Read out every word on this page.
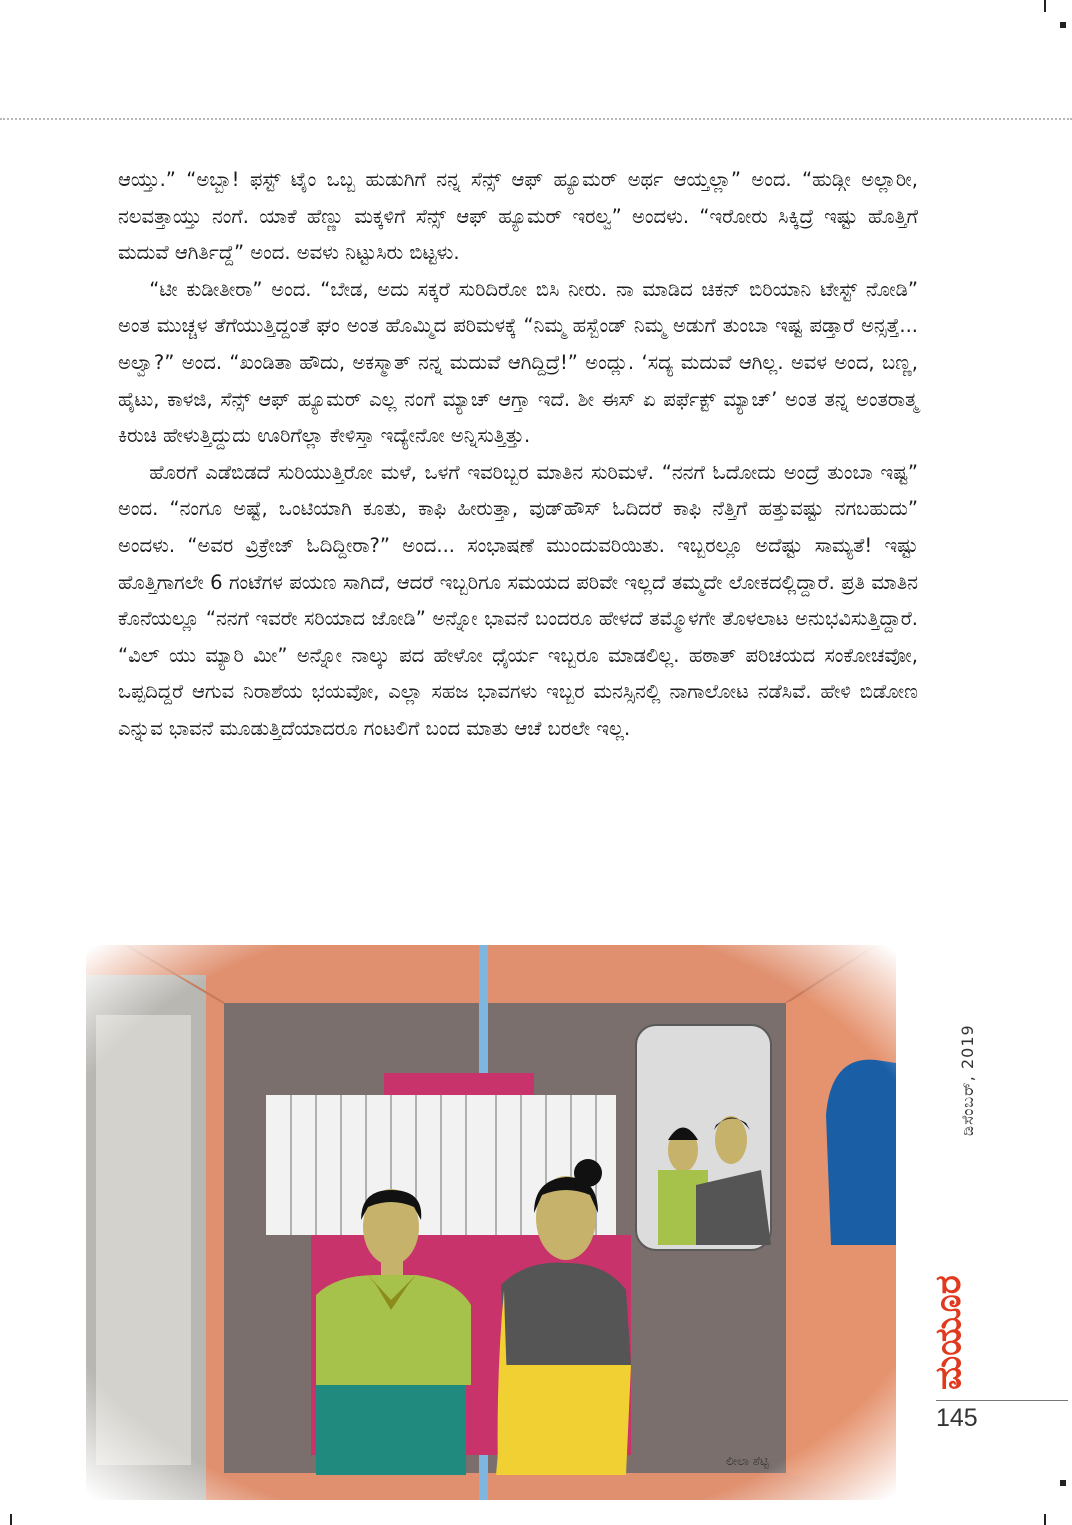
ಆಯ್ತು.” “ಅಬ್ಬಾ! ಫಸ್ಟ್ ಟೈಂ ಒಬ್ಬ ಹುಡುಗಿಗೆ ನನ್ನ ಸೆನ್ಸ್ ಆಫ್ ಹ್ಯೂಮರ್ ಅರ್ಥ ಆಯ್ತಲ್ಲಾ” ಅಂದ. “ಹುಡ್ಗೀ ಅಲ್ಲಾರೀ, ನಲವತ್ತಾಯ್ತು ನಂಗೆ. ಯಾಕೆ ಹೆಣ್ಣು ಮಕ್ಕಳಿಗೆ ಸೆನ್ಸ್ ಆಫ್ ಹ್ಯೂಮರ್ ಇರಲ್ವ” ಅಂದಳು. “ಇರೋರು ಸಿಕ್ಕಿದ್ರೆ ಇಷ್ಟು ಹೊತ್ತಿಗೆ ಮದುವೆ ಆಗಿರ್ತಿದ್ದೆ” ಅಂದ. ಅವಳು ನಿಟ್ಟುಸಿರು ಬಿಟ್ಟಳು.

“ಟೀ ಕುಡೀತೀರಾ” ಅಂದ. “ಬೇಡ, ಅದು ಸಕ್ಕರೆ ಸುರಿದಿರೋ ಬಿಸಿ ನೀರು. ನಾ ಮಾಡಿದ ಚಿಕನ್ ಬಿರಿಯಾನಿ ಟೇಸ್ಟ್ ನೋಡಿ” ಅಂತ ಮುಚ್ಚಳ ತೆಗೆಯುತ್ತಿದ್ದಂತೆ ಘಂ ಅಂತ ಹೊಮ್ಮಿದ ಪರಿಮಳಕ್ಕೆ “ನಿಮ್ಮ ಹಸ್ಬೆಂಡ್ ನಿಮ್ಮ ಅಡುಗೆ ತುಂಬಾ ಇಷ್ಟ ಪಡ್ತಾರೆ ಅನ್ಸತ್ತೆ... ಅಲ್ವಾ?” ಅಂದ. “ಖಂಡಿತಾ ಹೌದು, ಅಕಸ್ಮಾತ್ ನನ್ನ ಮದುವೆ ಆಗಿದ್ದಿದ್ರೆ!” ಅಂದ್ಲು. ‘ಸದ್ಯ ಮದುವೆ ಆಗಿಲ್ಲ. ಅವಳ ಅಂದ, ಬಣ್ಣ, ಹೈಟು, ಕಾಳಜಿ, ಸೆನ್ಸ್ ಆಫ್ ಹ್ಯೂಮರ್ ಎಲ್ಲ ನಂಗೆ ಮ್ಯಾಚ್ ಆಗ್ತಾ ಇದೆ. ಶೀ ಈಸ್ ಏ ಪರ್ಫೆಕ್ಟ್ ಮ್ಯಾಚ್’ ಅಂತ ತನ್ನ ಅಂತರಾತ್ಮ ಕಿರುಚಿ ಹೇಳುತ್ತಿದ್ದುದು ಊರಿಗೆಲ್ಲಾ ಕೇಳಿಸ್ತಾ ಇದ್ಯೇನೋ ಅನ್ನಿಸುತ್ತಿತ್ತು.

ಹೊರಗೆ ಎಡೆಬಿಡದೆ ಸುರಿಯುತ್ತಿರೋ ಮಳೆ, ಒಳಗೆ ಇವರಿಬ್ಬರ ಮಾತಿನ ಸುರಿಮಳೆ. “ನನಗೆ ಓದೋದು ಅಂದ್ರೆ ತುಂಬಾ ಇಷ್ಟ” ಅಂದ. “ನಂಗೂ ಅಷ್ಟೆ, ಒಂಟಿಯಾಗಿ ಕೂತು, ಕಾಫಿ ಹೀರುತ್ತಾ, ವುಡ್‌ಹೌಸ್ ಓದಿದರೆ ಕಾಫಿ ನೆತ್ತಿಗೆ ಹತ್ತುವಷ್ಟು ನಗಬಹುದು” ಅಂದಳು. “ಅವರ ವ್ರಿಕ್ರೇಜ್ ಓದಿದ್ದೀರಾ?” ಅಂದ... ಸಂಭಾಷಣೆ ಮುಂದುವರಿಯಿತು. ಇಬ್ಬರಲ್ಲೂ ಅದೆಷ್ಟು ಸಾಮ್ಯತೆ! ಇಷ್ಟು ಹೊತ್ತಿಗಾಗಲೇ 6 ಗಂಟೆಗಳ ಪಯಣ ಸಾಗಿದೆ, ಆದರೆ ಇಬ್ಬರಿಗೂ ಸಮಯದ ಪರಿವೇ ಇಲ್ಲದೆ ತಮ್ಮದೇ ಲೋಕದಲ್ಲಿದ್ದಾರೆ. ಪ್ರತಿ ಮಾತಿನ ಕೊನೆಯಲ್ಲೂ “ನನಗೆ ಇವರೇ ಸರಿಯಾದ ಜೋಡಿ” ಅನ್ನೋ ಭಾವನೆ ಬಂದರೂ ಹೇಳದೆ ತಮ್ಮೊಳಗೇ ತೊಳಲಾಟ ಅನುಭವಿಸುತ್ತಿದ್ದಾರೆ. “ವಿಲ್ ಯು ಮ್ಯಾರಿ ಮೀ” ಅನ್ನೋ ನಾಲ್ಕು ಪದ ಹೇಳೋ ಧೈರ್ಯ ಇಬ್ಬರೂ ಮಾಡಲಿಲ್ಲ. ಹಠಾತ್ ಪರಿಚಯದ ಸಂಕೋಚವೋ, ಒಪ್ಪದಿದ್ದರೆ ಆಗುವ ನಿರಾಶೆಯ ಭಯವೋ, ಎಲ್ಲಾ ಸಹಜ ಭಾವಗಳು ಇಬ್ಬರ ಮನಸ್ಸಿನಲ್ಲಿ ನಾಗಾಲೋಟ ನಡೆಸಿವೆ. ಹೇಳಿ ಬಿಡೋಣ ಎನ್ನುವ ಭಾವನೆ ಮೂಡುತ್ತಿದೆಯಾದರೂ ಗಂಟಲಿಗೆ ಬಂದ ಮಾತು ಆಚೆ ಬರಲೇ ಇಲ್ಲ.

ಲೀಲಾ ಶೆಟ್ಟಿ
ಡಿಸೆಂಬರ್, 2019
ಮಯೂರ
145
